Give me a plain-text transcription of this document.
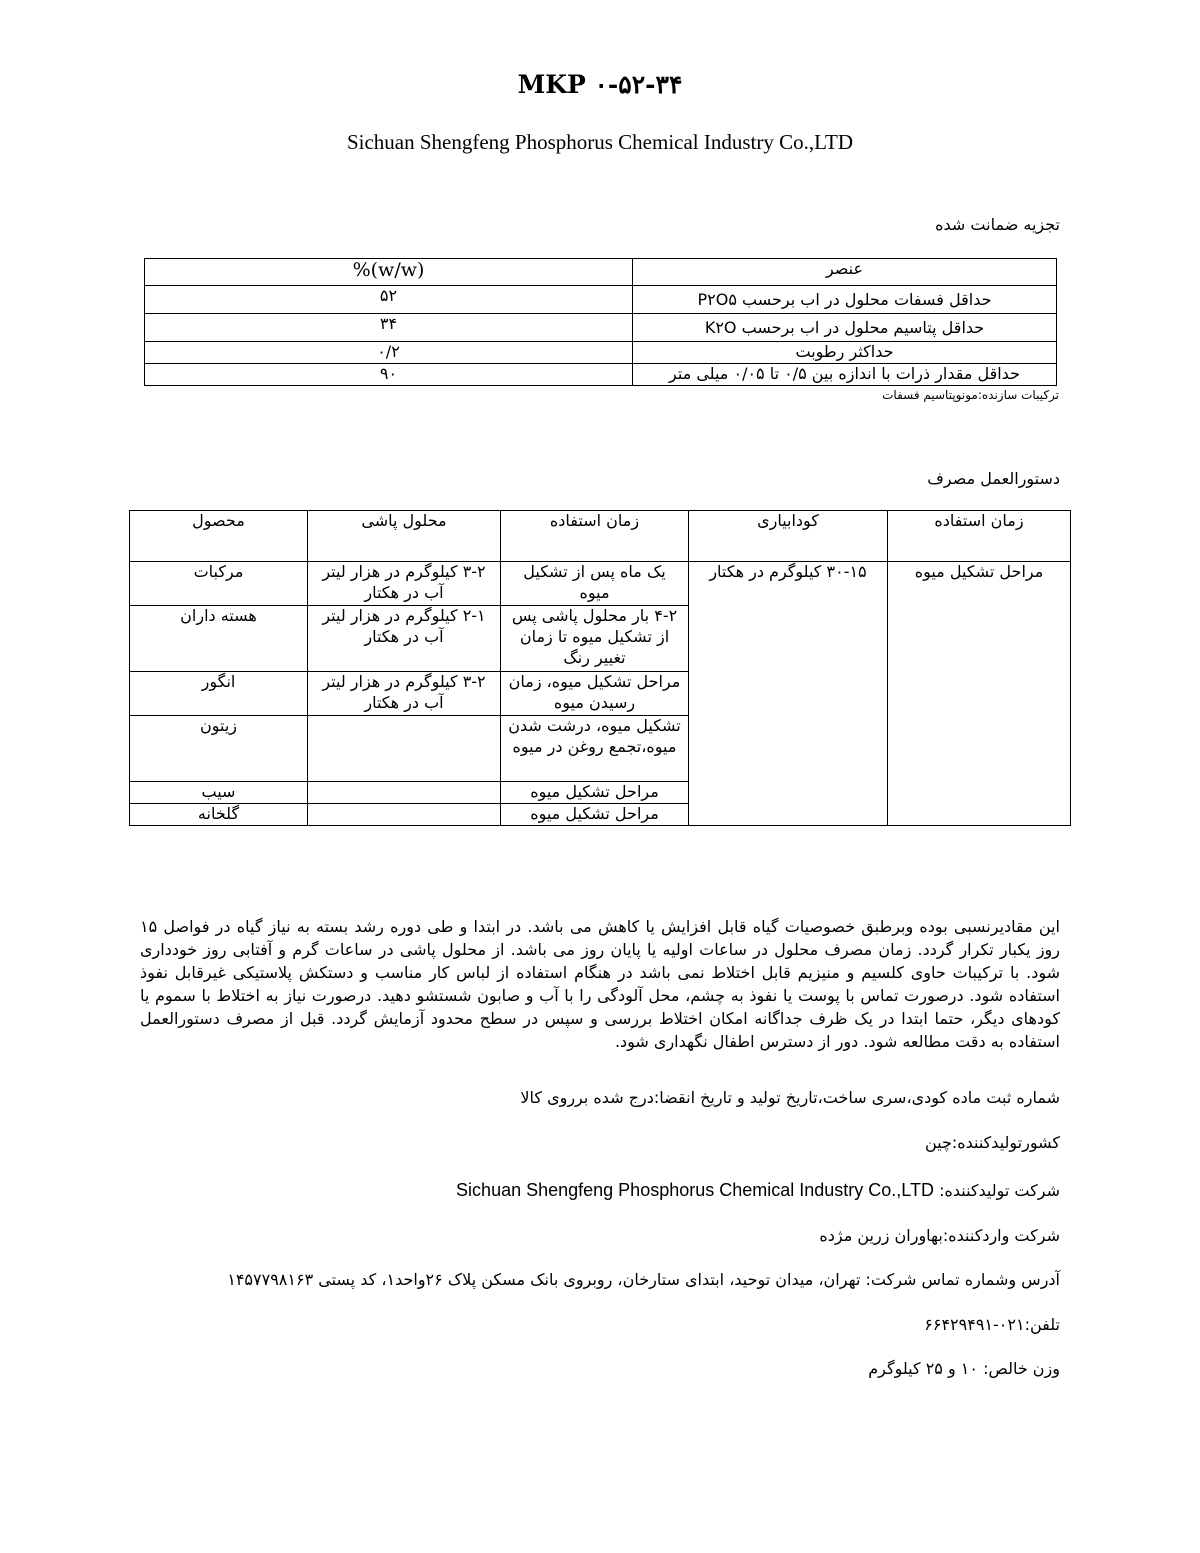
MKP ۰-۵۲-۳۴
Sichuan Shengfeng Phosphorus Chemical Industry Co.,LTD
تجزیه ضمانت شده
%(w/w)	عنصر
۵۲	حداقل فسفات محلول در اب برحسب P۲O۵
۳۴	حداقل پتاسیم محلول در اب برحسب K۲O
۰/۲	حداکثر رطوبت
۹۰	حداقل مقدار ذرات با اندازه بین ۰/۵ تا ۰/۰۵ میلی متر
ترکیبات سازنده:مونوپتاسیم فسفات
دستورالعمل مصرف
محصول	محلول پاشی	زمان استفاده	کودابیاری	زمان استفاده
مرکبات	۳-۲ کیلوگرم در هزار لیتر آب در هکتار	یک ماه پس از تشکیل میوه	۳۰-۱۵ کیلوگرم در هکتار	مراحل تشکیل میوه
هسته داران	۲-۱ کیلوگرم در هزار لیتر آب در هکتار	۴-۲ بار محلول پاشی پس از تشکیل میوه تا زمان تغییر رنگ		
انگور	۳-۲ کیلوگرم در هزار لیتر آب در هکتار	مراحل تشکیل میوه، زمان رسیدن میوه		
زیتون		تشکیل میوه، درشت شدن میوه،تجمع روغن در میوه		
سیب		مراحل تشکیل میوه		
گلخانه		مراحل تشکیل میوه		
این مقادیرنسبی بوده وبرطبق خصوصیات گیاه قابل افزایش یا کاهش می باشد. در ابتدا و طی دوره رشد بسته به نیاز گیاه در فواصل ۱۵ روز یکبار تکرار گردد. زمان مصرف محلول در ساعات اولیه یا پایان روز می باشد. از محلول پاشی در ساعات گرم و آفتابی روز خودداری شود. با ترکیبات حاوی کلسیم و منیزیم قابل اختلاط نمی باشد در هنگام استفاده از لباس کار مناسب و دستکش پلاستیکی غیرقابل نفوذ استفاده شود. درصورت تماس با پوست یا نفوذ به چشم، محل آلودگی را با آب و صابون شستشو دهید. درصورت نیاز به اختلاط با سموم یا کودهای دیگر، حتما ابتدا در یک ظرف جداگانه امکان اختلاط بررسی و سپس در سطح محدود آزمایش گردد. قبل از مصرف دستورالعمل استفاده به دقت مطالعه شود. دور از دسترس اطفال نگهداری شود.
شماره ثبت ماده کودی،سری ساخت،تاریخ تولید و تاریخ انقضا:درج شده برروی کالا
کشورتولیدکننده:چین
شرکت تولیدکننده: Sichuan Shengfeng Phosphorus Chemical Industry Co.,LTD
شرکت واردکننده:بهاوران زرین مژده
آدرس وشماره تماس شرکت: تهران، میدان توحید، ابتدای ستارخان، روبروی بانک مسکن پلاک ۲۶واحد۱، کد پستی ۱۴۵۷۷۹۸۱۶۳
تلفن:۰۲۱-۶۶۴۲۹۴۹۱
وزن خالص: ۱۰ و ۲۵ کیلوگرم
